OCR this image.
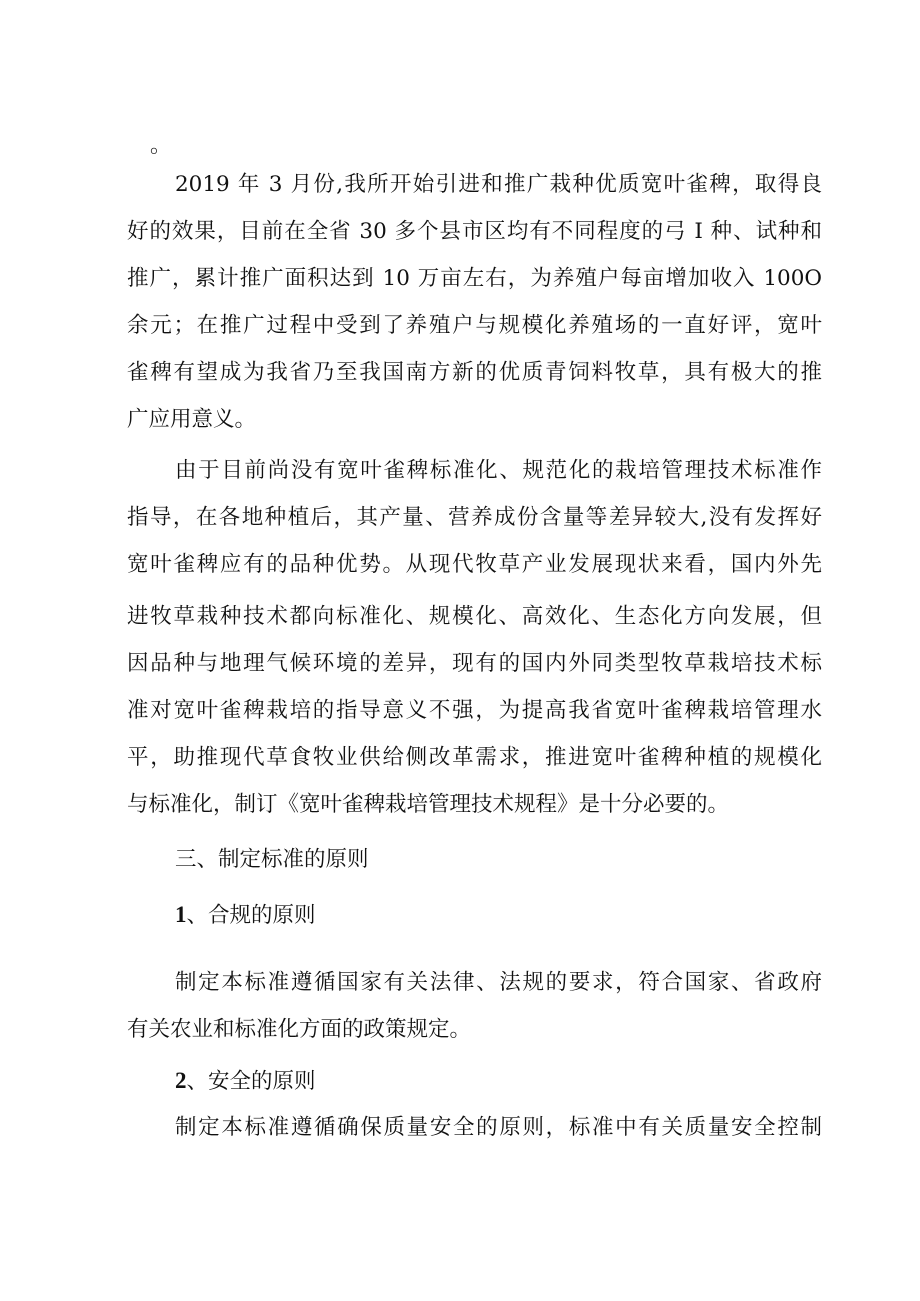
。
2019 年 3 月份,我所开始引进和推广栽种优质宽叶雀稗，取得良
好的效果，目前在全省 30 多个县市区均有不同程度的弓 I 种、试种和
推广，累计推广面积达到 10 万亩左右，为养殖户每亩增加收入 100O
余元；在推广过程中受到了养殖户与规模化养殖场的一直好评，宽叶
雀稗有望成为我省乃至我国南方新的优质青饲料牧草，具有极大的推
广应用意义。
由于目前尚没有宽叶雀稗标准化、规范化的栽培管理技术标准作
指导，在各地种植后，其产量、营养成份含量等差异较大,没有发挥好
宽叶雀稗应有的品种优势。从现代牧草产业发展现状来看，国内外先
进牧草栽种技术都向标准化、规模化、高效化、生态化方向发展，但
因品种与地理气候环境的差异，现有的国内外同类型牧草栽培技术标
准对宽叶雀稗栽培的指导意义不强，为提高我省宽叶雀稗栽培管理水
平，助推现代草食牧业供给侧改革需求，推进宽叶雀稗种植的规模化
与标准化，制订《宽叶雀稗栽培管理技术规程》是十分必要的。
三、制定标准的原则
1、合规的原则
制定本标准遵循国家有关法律、法规的要求，符合国家、省政府
有关农业和标准化方面的政策规定。
2、安全的原则
制定本标准遵循确保质量安全的原则，标准中有关质量安全控制
